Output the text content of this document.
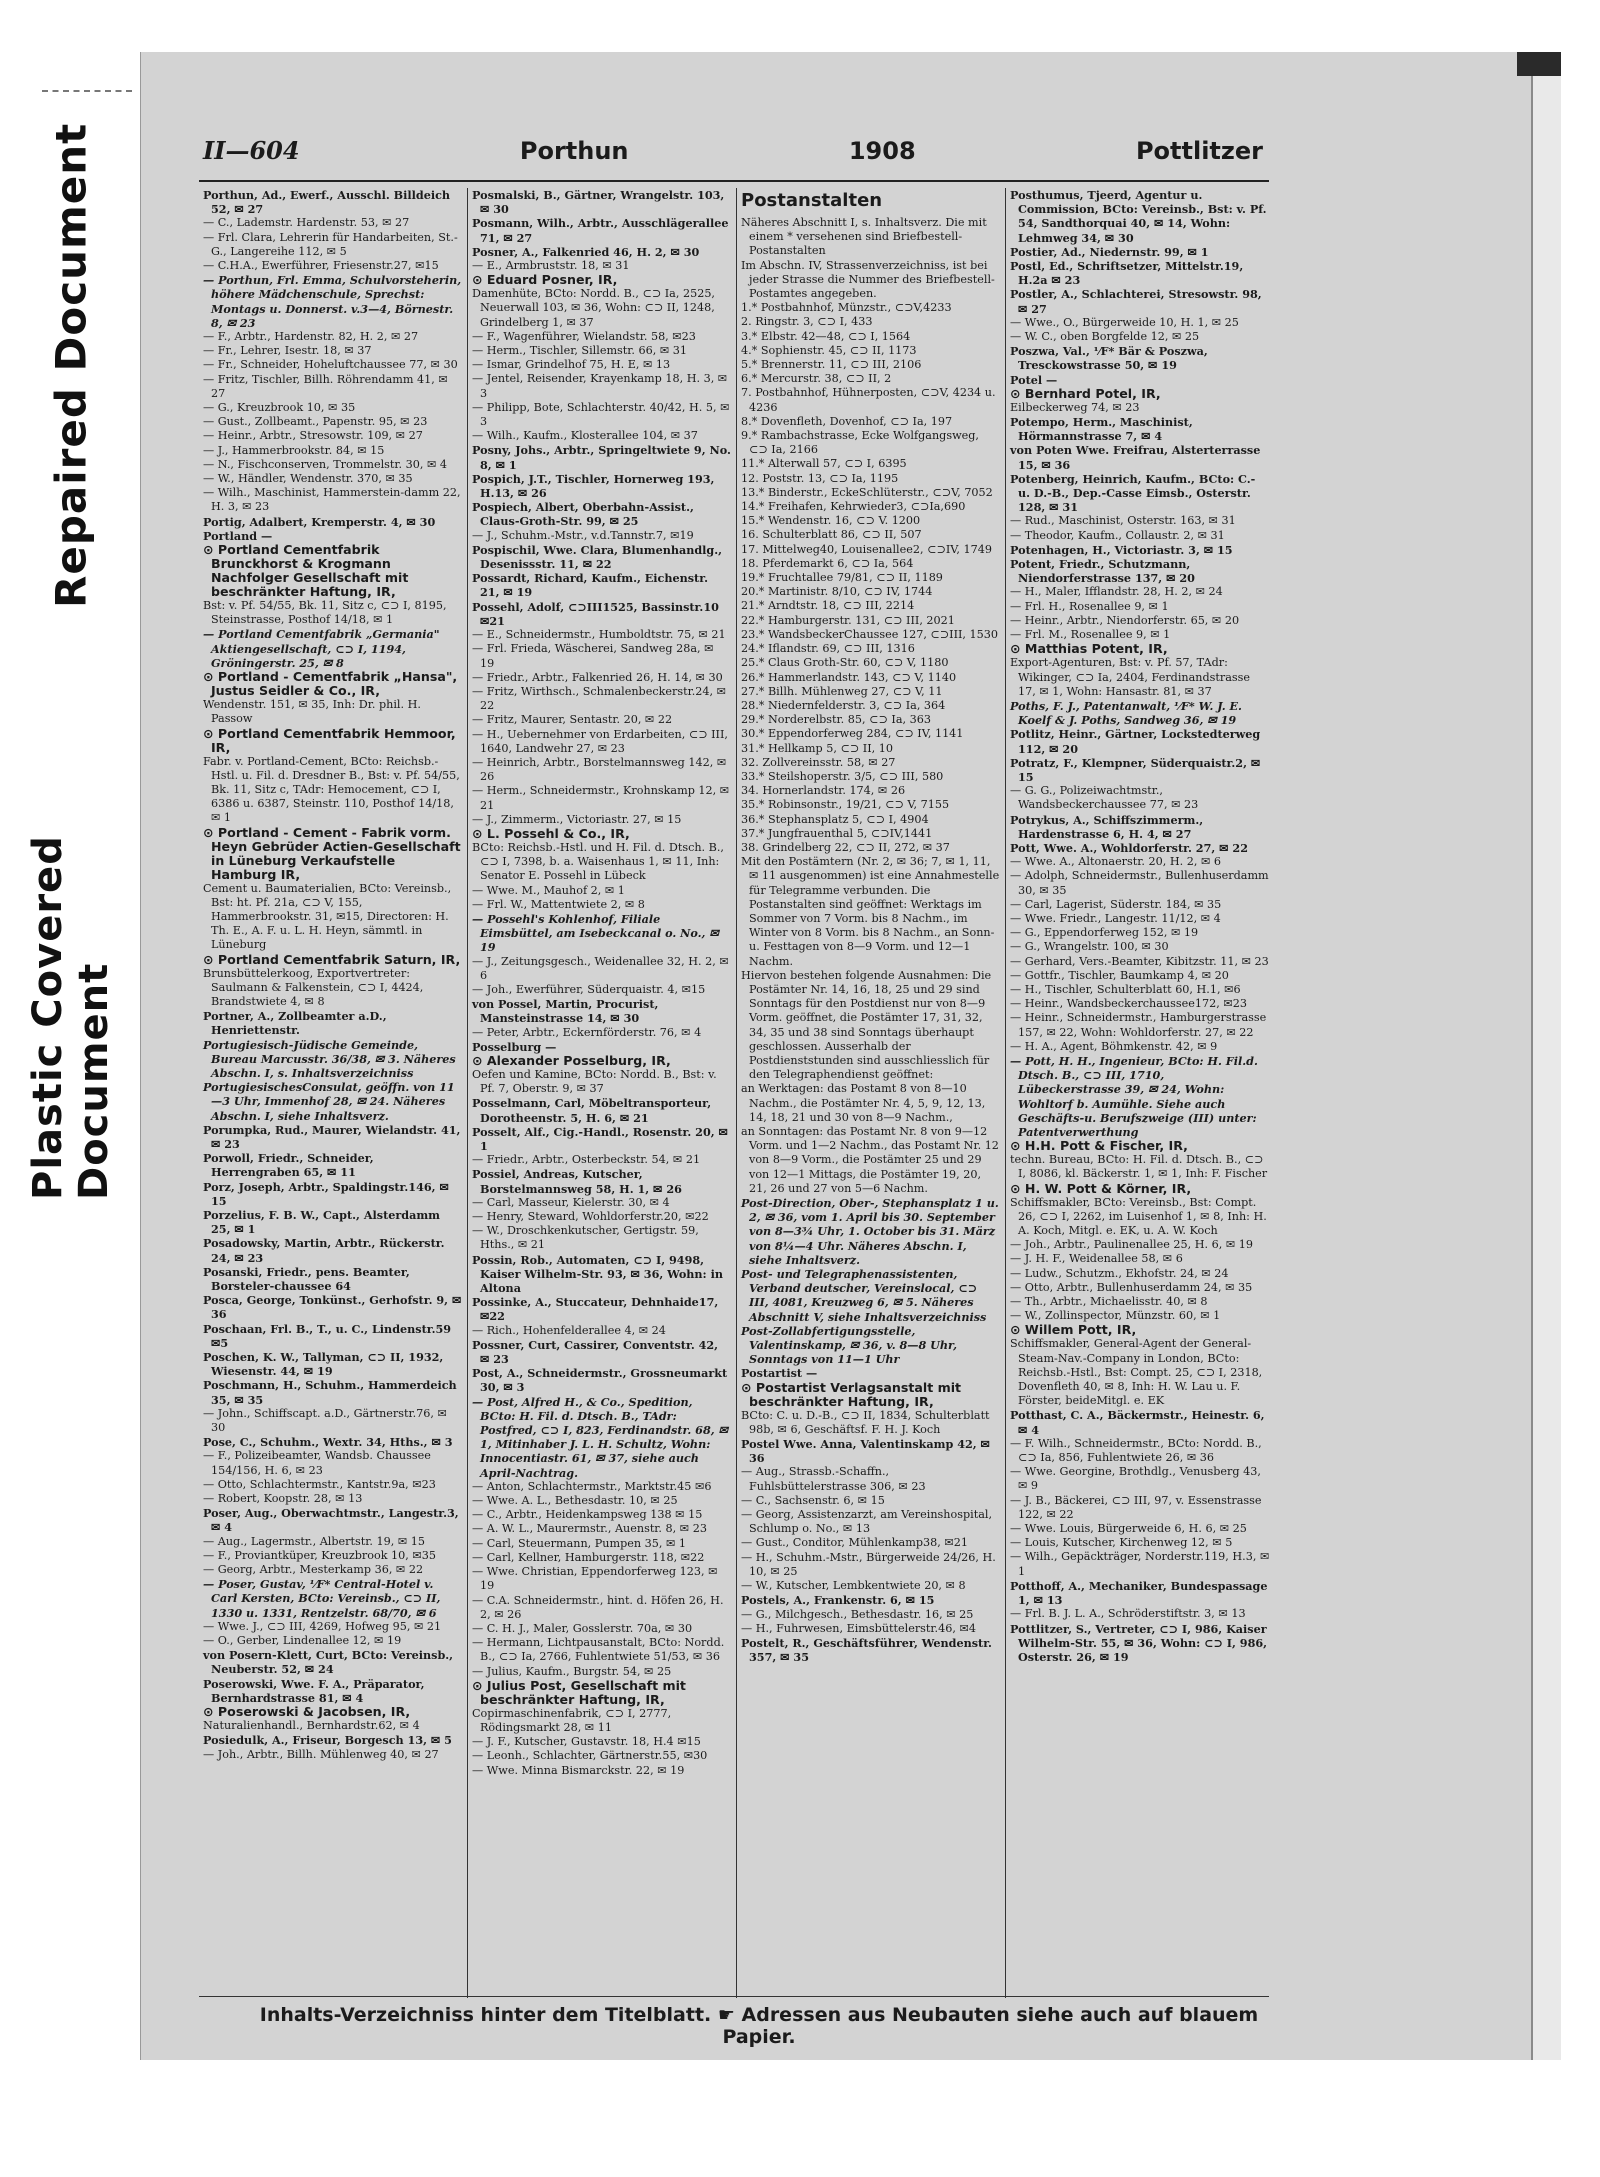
Repaired Document
Plastic Covered Document
II—604	Porthun	1908	Pottlitzer

Porthun, Ad., Ewerf., Ausschl. Billdeich 52, ✉ 27

— C., Lademstr. Hardenstr. 53, ✉ 27

— Frl. Clara, Lehrerin für Handarbeiten, St.-G., Langereihe 112, ✉ 5

— C.H.A., Ewerführer, Friesenstr.27, ✉15

— Porthun, Frl. Emma, Schulvorsteherin, höhere Mädchenschule, Sprechst: Montags u. Donnerst. v.3—4, Börnestr. 8, ✉ 23

— F., Arbtr., Hardenstr. 82, H. 2, ✉ 27

— Fr., Lehrer, Isestr. 18, ✉ 37

— Fr., Schneider, Hoheluftchaussee 77, ✉ 30

— Fritz, Tischler, Billh. Röhrendamm 41, ✉ 27

— G., Kreuzbrook 10, ✉ 35

— Gust., Zollbeamt., Papenstr. 95, ✉ 23

— Heinr., Arbtr., Stresowstr. 109, ✉ 27

— J., Hammerbrookstr. 84, ✉ 15

— N., Fischconserven, Trommelstr. 30, ✉ 4

— W., Händler, Wendenstr. 370, ✉ 35

— Wilh., Maschinist, Hammerstein-damm 22, H. 3, ✉ 23

Portig, Adalbert, Kremperstr. 4, ✉ 30

Portland —

⊙ Portland Cementfabrik Brunckhorst & Krogmann Nachfolger Gesellschaft mit beschränkter Haftung, IR,

Bst: v. Pf. 54/55, Bk. 11, Sitz c, ⊂⊃ I, 8195, Steinstrasse, Posthof 14/18, ✉ 1

— Portland Cementfabrik „Germania" Aktiengesellschaft, ⊂⊃ I, 1194, Gröningerstr. 25, ✉ 8

⊙ Portland - Cementfabrik „Hansa", Justus Seidler & Co., IR,

Wendenstr. 151, ✉ 35, Inh: Dr. phil. H. Passow

⊙ Portland Cementfabrik Hemmoor, IR,

Fabr. v. Portland-Cement, BCto: Reichsb.-Hstl. u. Fil. d. Dresdner B., Bst: v. Pf. 54/55, Bk. 11, Sitz c, TAdr: Hemocement, ⊂⊃ I, 6386 u. 6387, Steinstr. 110, Posthof 14/18, ✉ 1

⊙ Portland - Cement - Fabrik vorm. Heyn Gebrüder Actien-Gesellschaft in Lüneburg Verkaufstelle Hamburg IR,

Cement u. Baumaterialien, BCto: Vereinsb., Bst: ht. Pf. 21a, ⊂⊃ V, 155, Hammerbrookstr. 31, ✉15, Directoren: H. Th. E., A. F. u. L. H. Heyn, sämmtl. in Lüneburg

⊙ Portland Cementfabrik Saturn, IR,

Brunsbüttelerkoog, Exportvertreter: Saulmann & Falkenstein, ⊂⊃ I, 4424, Brandstwiete 4, ✉ 8

Portner, A., Zollbeamter a.D., Henriettenstr.

Portugiesisch-Jüdische Gemeinde, Bureau Marcusstr. 36/38, ✉ 3. Näheres Abschn. I, s. Inhaltsverzeichniss

PortugiesischesConsulat, geöffn. von 11—3 Uhr, Immenhof 28, ✉ 24. Näheres Abschn. I, siehe Inhaltsverz.

Porumpka, Rud., Maurer, Wielandstr. 41, ✉ 23

Porwoll, Friedr., Schneider, Herrengraben 65, ✉ 11

Porz, Joseph, Arbtr., Spaldingstr.146, ✉ 15

Porzelius, F. B. W., Capt., Alsterdamm 25, ✉ 1

Posadowsky, Martin, Arbtr., Rückerstr. 24, ✉ 23

Posanski, Friedr., pens. Beamter, Borsteler-chaussee 64

Posca, George, Tonkünst., Gerhofstr. 9, ✉ 36

Poschaan, Frl. B., T., u. C., Lindenstr.59 ✉5

Poschen, K. W., Tallyman, ⊂⊃ II, 1932, Wiesenstr. 44, ✉ 19

Poschmann, H., Schuhm., Hammerdeich 35, ✉ 35

— John., Schiffscapt. a.D., Gärtnerstr.76, ✉ 30

Pose, C., Schuhm., Wextr. 34, Hths., ✉ 3

— F., Polizeibeamter, Wandsb. Chaussee 154/156, H. 6, ✉ 23

— Otto, Schlachtermstr., Kantstr.9a, ✉23

— Robert, Koopstr. 28, ✉ 13

Poser, Aug., Oberwachtmstr., Langestr.3, ✉ 4

— Aug., Lagermstr., Albertstr. 19, ✉ 15

— F., Proviantküper, Kreuzbrook 10, ✉35

— Georg, Arbtr., Mesterkamp 36, ✉ 22

— Poser, Gustav, ⅟F* Central-Hotel v. Carl Kersten, BCto: Vereinsb., ⊂⊃ II, 1330 u. 1331, Rentzelstr. 68/70, ✉ 6

— Wwe. J., ⊂⊃ III, 4269, Hofweg 95, ✉ 21

— O., Gerber, Lindenallee 12, ✉ 19

von Posern-Klett, Curt, BCto: Vereinsb., Neuberstr. 52, ✉ 24

Poserowski, Wwe. F. A., Präparator, Bernhardstrasse 81, ✉ 4

⊙ Poserowski & Jacobsen, IR,

Naturalienhandl., Bernhardstr.62, ✉ 4

Posiedulk, A., Friseur, Borgesch 13, ✉ 5

— Joh., Arbtr., Billh. Mühlenweg 40, ✉ 27

Posmalski, B., Gärtner, Wrangelstr. 103, ✉ 30

Posmann, Wilh., Arbtr., Ausschlägerallee 71, ✉ 27

Posner, A., Falkenried 46, H. 2, ✉ 30

— E., Armbruststr. 18, ✉ 31

⊙ Eduard Posner, IR,

Damenhüte, BCto: Nordd. B., ⊂⊃ Ia, 2525, Neuerwall 103, ✉ 36, Wohn: ⊂⊃ II, 1248, Grindelberg 1, ✉ 37

— F., Wagenführer, Wielandstr. 58, ✉23

— Herm., Tischler, Sillemstr. 66, ✉ 31

— Ismar, Grindelhof 75, H. E, ✉ 13

— Jentel, Reisender, Krayenkamp 18, H. 3, ✉ 3

— Philipp, Bote, Schlachterstr. 40/42, H. 5, ✉ 3

— Wilh., Kaufm., Klosterallee 104, ✉ 37

Posny, Johs., Arbtr., Springeltwiete 9, No. 8, ✉ 1

Pospich, J.T., Tischler, Hornerweg 193, H.13, ✉ 26

Pospiech, Albert, Oberbahn-Assist., Claus-Groth-Str. 99, ✉ 25

— J., Schuhm.-Mstr., v.d.Tannstr.7, ✉19

Pospischil, Wwe. Clara, Blumenhandlg., Desenissstr. 11, ✉ 22

Possardt, Richard, Kaufm., Eichenstr. 21, ✉ 19

Possehl, Adolf, ⊂⊃III1525, Bassinstr.10 ✉21

— E., Schneidermstr., Humboldtstr. 75, ✉ 21

— Frl. Frieda, Wäscherei, Sandweg 28a, ✉ 19

— Friedr., Arbtr., Falkenried 26, H. 14, ✉ 30

— Fritz, Wirthsch., Schmalenbeckerstr.24, ✉ 22

— Fritz, Maurer, Sentastr. 20, ✉ 22

— H., Uebernehmer von Erdarbeiten, ⊂⊃ III, 1640, Landwehr 27, ✉ 23

— Heinrich, Arbtr., Borstelmannsweg 142, ✉ 26

— Herm., Schneidermstr., Krohnskamp 12, ✉ 21

— J., Zimmerm., Victoriastr. 27, ✉ 15

⊙ L. Possehl & Co., IR,

BCto: Reichsb.-Hstl. und H. Fil. d. Dtsch. B., ⊂⊃ I, 7398, b. a. Waisenhaus 1, ✉ 11, Inh: Senator E. Possehl in Lübeck

— Wwe. M., Mauhof 2, ✉ 1

— Frl. W., Mattentwiete 2, ✉ 8

— Possehl's Kohlenhof, Filiale Eimsbüttel, am Isebeckcanal o. No., ✉ 19

— J., Zeitungsgesch., Weidenallee 32, H. 2, ✉ 6

— Joh., Ewerführer, Süderquaistr. 4, ✉15

von Possel, Martin, Procurist, Mansteinstrasse 14, ✉ 30

— Peter, Arbtr., Eckernförderstr. 76, ✉ 4

Posselburg —

⊙ Alexander Posselburg, IR,

Oefen und Kamine, BCto: Nordd. B., Bst: v. Pf. 7, Oberstr. 9, ✉ 37

Posselmann, Carl, Möbeltransporteur, Dorotheenstr. 5, H. 6, ✉ 21

Posselt, Alf., Cig.-Handl., Rosenstr. 20, ✉1

— Friedr., Arbtr., Osterbeckstr. 54, ✉ 21

Possiel, Andreas, Kutscher, Borstelmannsweg 58, H. 1, ✉ 26

— Carl, Masseur, Kielerstr. 30, ✉ 4

— Henry, Steward, Wohldorferstr.20, ✉22

— W., Droschkenkutscher, Gertigstr. 59, Hths., ✉ 21

Possin, Rob., Automaten, ⊂⊃ I, 9498, Kaiser Wilhelm-Str. 93, ✉ 36, Wohn: in Altona

Possinke, A., Stuccateur, Dehnhaide17, ✉22

— Rich., Hohenfelderallee 4, ✉ 24

Possner, Curt, Cassirer, Conventstr. 42, ✉ 23

Post, A., Schneidermstr., Grossneumarkt 30, ✉ 3

— Post, Alfred H., & Co., Spedition, BCto: H. Fil. d. Dtsch. B., TAdr: Postfred, ⊂⊃ I, 823, Ferdinandstr. 68, ✉ 1, Mitinhaber J. L. H. Schultz, Wohn: Innocentiastr. 61, ✉ 37, siehe auch April-Nachtrag.

— Anton, Schlachtermstr., Marktstr.45 ✉6

— Wwe. A. L., Bethesdastr. 10, ✉ 25

— C., Arbtr., Heidenkampsweg 138 ✉ 15

— A. W. L., Maurermstr., Auenstr. 8, ✉ 23

— Carl, Steuermann, Pumpen 35, ✉ 1

— Carl, Kellner, Hamburgerstr. 118, ✉22

— Wwe. Christian, Eppendorferweg 123, ✉ 19

— C.A. Schneidermstr., hint. d. Höfen 26, H. 2, ✉ 26

— C. H. J., Maler, Gosslerstr. 70a, ✉ 30

— Hermann, Lichtpausanstalt, BCto: Nordd. B., ⊂⊃ Ia, 2766, Fuhlentwiete 51/53, ✉ 36

— Julius, Kaufm., Burgstr. 54, ✉ 25

⊙ Julius Post, Gesellschaft mit beschränkter Haftung, IR,

Copirmaschinenfabrik, ⊂⊃ I, 2777, Rödingsmarkt 28, ✉ 11

— J. F., Kutscher, Gustavstr. 18, H.4 ✉15

— Leonh., Schlachter, Gärtnerstr.55, ✉30

— Wwe. Minna Bismarckstr. 22, ✉ 19

Postanstalten

Näheres Abschnitt I, s. Inhaltsverz. Die mit einem * versehenen sind Briefbestell-Postanstalten

Im Abschn. IV, Strassenverzeichniss, ist bei jeder Strasse die Nummer des Briefbestell-Postamtes angegeben.

1.* Postbahnhof, Münzstr., ⊂⊃V,4233

2. Ringstr. 3, ⊂⊃ I, 433

3.* Elbstr. 42—48, ⊂⊃ I, 1564

4.* Sophienstr. 45, ⊂⊃ II, 1173

5.* Brennerstr. 11, ⊂⊃ III, 2106

6.* Mercurstr. 38, ⊂⊃ II, 2

7. Postbahnhof, Hühnerposten, ⊂⊃V, 4234 u. 4236

8.* Dovenfleth, Dovenhof, ⊂⊃ Ia, 197

9.* Rambachstrasse, Ecke Wolfgangsweg, ⊂⊃ Ia, 2166

11.* Alterwall 57, ⊂⊃ I, 6395

12. Poststr. 13, ⊂⊃ Ia, 1195

13.* Binderstr., EckeSchlüterstr., ⊂⊃V, 7052

14.* Freihafen, Kehrwieder3, ⊂⊃Ia,690

15.* Wendenstr. 16, ⊂⊃ V. 1200

16. Schulterblatt 86, ⊂⊃ II, 507

17. Mittelweg40, Louisenallee2, ⊂⊃IV, 1749

18. Pferdemarkt 6, ⊂⊃ Ia, 564

19.* Fruchtallee 79/81, ⊂⊃ II, 1189

20.* Martinistr. 8/10, ⊂⊃ IV, 1744

21.* Arndtstr. 18, ⊂⊃ III, 2214

22.* Hamburgerstr. 131, ⊂⊃ III, 2021

23.* WandsbeckerChaussee 127, ⊂⊃III, 1530

24.* Iflandstr. 69, ⊂⊃ III, 1316

25.* Claus Groth-Str. 60, ⊂⊃ V, 1180

26.* Hammerlandstr. 143, ⊂⊃ V, 1140

27.* Billh. Mühlenweg 27, ⊂⊃ V, 11

28.* Niedernfelderstr. 3, ⊂⊃ Ia, 364

29.* Norderelbstr. 85, ⊂⊃ Ia, 363

30.* Eppendorferweg 284, ⊂⊃ IV, 1141

31.* Hellkamp 5, ⊂⊃ II, 10

32. Zollvereinsstr. 58, ✉ 27

33.* Steilshoperstr. 3/5, ⊂⊃ III, 580

34. Hornerlandstr. 174, ✉ 26

35.* Robinsonstr., 19/21, ⊂⊃ V, 7155

36.* Stephansplatz 5, ⊂⊃ I, 4904

37.* Jungfrauenthal 5, ⊂⊃IV,1441

38. Grindelberg 22, ⊂⊃ II, 272, ✉ 37

Mit den Postämtern (Nr. 2, ✉ 36; 7, ✉ 1, 11, ✉ 11 ausgenommen) ist eine Annahmestelle für Telegramme verbunden. Die Postanstalten sind geöffnet: Werktags im Sommer von 7 Vorm. bis 8 Nachm., im Winter von 8 Vorm. bis 8 Nachm., an Sonn- u. Festtagen von 8—9 Vorm. und 12—1 Nachm.

Hiervon bestehen folgende Ausnahmen: Die Postämter Nr. 14, 16, 18, 25 und 29 sind Sonntags für den Postdienst nur von 8—9 Vorm. geöffnet, die Postämter 17, 31, 32, 34, 35 und 38 sind Sonntags überhaupt geschlossen. Ausserhalb der Postdienststunden sind ausschliesslich für den Telegraphendienst geöffnet:

an Werktagen: das Postamt 8 von 8—10 Nachm., die Postämter Nr. 4, 5, 9, 12, 13, 14, 18, 21 und 30 von 8—9 Nachm.,

an Sonntagen: das Postamt Nr. 8 von 9—12 Vorm. und 1—2 Nachm., das Postamt Nr. 12 von 8—9 Vorm., die Postämter 25 und 29 von 12—1 Mittags, die Postämter 19, 20, 21, 26 und 27 von 5—6 Nachm.

Post-Direction, Ober-, Stephansplatz 1 u. 2, ✉ 36, vom 1. April bis 30. September von 8—3¾ Uhr, 1. October bis 31. März von 8¼—4 Uhr. Näheres Abschn. I, siehe Inhaltsverz.

Post- und Telegraphenassistenten, Verband deutscher, Vereinslocal, ⊂⊃ III, 4081, Kreuzweg 6, ✉ 5. Näheres Abschnitt V, siehe Inhaltsverzeichniss

Post-Zollabfertigungsstelle, Valentinskamp, ✉ 36, v. 8—8 Uhr, Sonntags von 11—1 Uhr

Postartist —

⊙ Postartist Verlagsanstalt mit beschränkter Haftung, IR,

BCto: C. u. D.-B., ⊂⊃ II, 1834, Schulterblatt 98b, ✉ 6, Geschäftsf. F. H. J. Koch

Postel Wwe. Anna, Valentinskamp 42, ✉36

— Aug., Strassb.-Schaffn., Fuhlsbüttelerstrasse 306, ✉ 23

— C., Sachsenstr. 6, ✉ 15

— Georg, Assistenzarzt, am Vereinshospital, Schlump o. No., ✉ 13

— Gust., Conditor, Mühlenkamp38, ✉21

— H., Schuhm.-Mstr., Bürgerweide 24/26, H. 10, ✉ 25

— W., Kutscher, Lembkentwiete 20, ✉ 8

Postels, A., Frankenstr. 6, ✉ 15

— G., Milchgesch., Bethesdastr. 16, ✉ 25

— H., Fuhrwesen, Eimsbüttelerstr.46, ✉4

Postelt, R., Geschäftsführer, Wendenstr. 357, ✉ 35

Posthumus, Tjeerd, Agentur u. Commission, BCto: Vereinsb., Bst: v. Pf. 54, Sandthorquai 40, ✉ 14, Wohn: Lehmweg 34, ✉ 30

Postier, Ad., Niedernstr. 99, ✉ 1

Postl, Ed., Schriftsetzer, Mittelstr.19, H.2a ✉ 23

Postler, A., Schlachterei, Stresowstr. 98, ✉ 27

— Wwe., O., Bürgerweide 10, H. 1, ✉ 25

— W. C., oben Borgfelde 12, ✉ 25

Poszwa, Val., ⅟F* Bär & Poszwa, Tresckowstrasse 50, ✉ 19

Potel —

⊙ Bernhard Potel, IR,

Eilbeckerweg 74, ✉ 23

Potempo, Herm., Maschinist, Hörmannstrasse 7, ✉ 4

von Poten Wwe. Freifrau, Alsterterrasse 15, ✉ 36

Potenberg, Heinrich, Kaufm., BCto: C.- u. D.-B., Dep.-Casse Eimsb., Osterstr. 128, ✉ 31

— Rud., Maschinist, Osterstr. 163, ✉ 31

— Theodor, Kaufm., Collaustr. 2, ✉ 31

Potenhagen, H., Victoriastr. 3, ✉ 15

Potent, Friedr., Schutzmann, Niendorferstrasse 137, ✉ 20

— H., Maler, Ifflandstr. 28, H. 2, ✉ 24

— Frl. H., Rosenallee 9, ✉ 1

— Heinr., Arbtr., Niendorferstr. 65, ✉ 20

— Frl. M., Rosenallee 9, ✉ 1

⊙ Matthias Potent, IR,

Export-Agenturen, Bst: v. Pf. 57, TAdr: Wikinger, ⊂⊃ Ia, 2404, Ferdinandstrasse 17, ✉ 1, Wohn: Hansastr. 81, ✉ 37

Poths, F. J., Patentanwalt, ⅟F* W. J. E. Koelf & J. Poths, Sandweg 36, ✉ 19

Potlitz, Heinr., Gärtner, Lockstedterweg 112, ✉ 20

Potratz, F., Klempner, Süderquaistr.2, ✉15

— G. G., Polizeiwachtmstr., Wandsbeckerchaussee 77, ✉ 23

Potrykus, A., Schiffszimmerm., Hardenstrasse 6, H. 4, ✉ 27

Pott, Wwe. A., Wohldorferstr. 27, ✉ 22

— Wwe. A., Altonaerstr. 20, H. 2, ✉ 6

— Adolph, Schneidermstr., Bullenhuserdamm 30, ✉ 35

— Carl, Lagerist, Süderstr. 184, ✉ 35

— Wwe. Friedr., Langestr. 11/12, ✉ 4

— G., Eppendorferweg 152, ✉ 19

— G., Wrangelstr. 100, ✉ 30

— Gerhard, Vers.-Beamter, Kibitzstr. 11, ✉ 23

— Gottfr., Tischler, Baumkamp 4, ✉ 20

— H., Tischler, Schulterblatt 60, H.1, ✉6

— Heinr., Wandsbeckerchaussee172, ✉23

— Heinr., Schneidermstr., Hamburgerstrasse 157, ✉ 22, Wohn: Wohldorferstr. 27, ✉ 22

— H. A., Agent, Böhmkenstr. 42, ✉ 9

— Pott, H. H., Ingenieur, BCto: H. Fil.d. Dtsch. B., ⊂⊃ III, 1710, Lübeckerstrasse 39, ✉ 24, Wohn: Wohltorf b. Aumühle. Siehe auch Geschäfts-u. Berufszweige (III) unter: Patentverwerthung

⊙ H.H. Pott & Fischer, IR,

techn. Bureau, BCto: H. Fil. d. Dtsch. B., ⊂⊃ I, 8086, kl. Bäckerstr. 1, ✉ 1, Inh: F. Fischer

⊙ H. W. Pott & Körner, IR,

Schiffsmakler, BCto: Vereinsb., Bst: Compt. 26, ⊂⊃ I, 2262, im Luisenhof 1, ✉ 8, Inh: H. A. Koch, Mitgl. e. EK, u. A. W. Koch

— Joh., Arbtr., Paulinenallee 25, H. 6, ✉ 19

— J. H. F., Weidenallee 58, ✉ 6

— Ludw., Schutzm., Ekhofstr. 24, ✉ 24

— Otto, Arbtr., Bullenhuserdamm 24, ✉ 35

— Th., Arbtr., Michaelisstr. 40, ✉ 8

— W., Zollinspector, Münzstr. 60, ✉ 1

⊙ Willem Pott, IR,

Schiffsmakler, General-Agent der General-Steam-Nav.-Company in London, BCto: Reichsb.-Hstl., Bst: Compt. 25, ⊂⊃ I, 2318, Dovenfleth 40, ✉ 8, Inh: H. W. Lau u. F. Förster, beideMitgl. e. EK

Potthast, C. A., Bäckermstr., Heinestr. 6, ✉ 4

— F. Wilh., Schneidermstr., BCto: Nordd. B., ⊂⊃ Ia, 856, Fuhlentwiete 26, ✉ 36

— Wwe. Georgine, Brothdlg., Venusberg 43, ✉ 9

— J. B., Bäckerei, ⊂⊃ III, 97, v. Essenstrasse 122, ✉ 22

— Wwe. Louis, Bürgerweide 6, H. 6, ✉ 25

— Louis, Kutscher, Kirchenweg 12, ✉ 5

— Wilh., Gepäckträger, Norderstr.119, H.3, ✉ 1

Potthoff, A., Mechaniker, Bundespassage 1, ✉ 13

— Frl. B. J. L. A., Schröderstiftstr. 3, ✉ 13

Pottlitzer, S., Vertreter, ⊂⊃ I, 986, Kaiser Wilhelm-Str. 55, ✉ 36, Wohn: ⊂⊃ I, 986, Osterstr. 26, ✉ 19

Inhalts-Verzeichniss hinter dem Titelblatt. ☛ Adressen aus Neubauten siehe auch auf blauem Papier.
